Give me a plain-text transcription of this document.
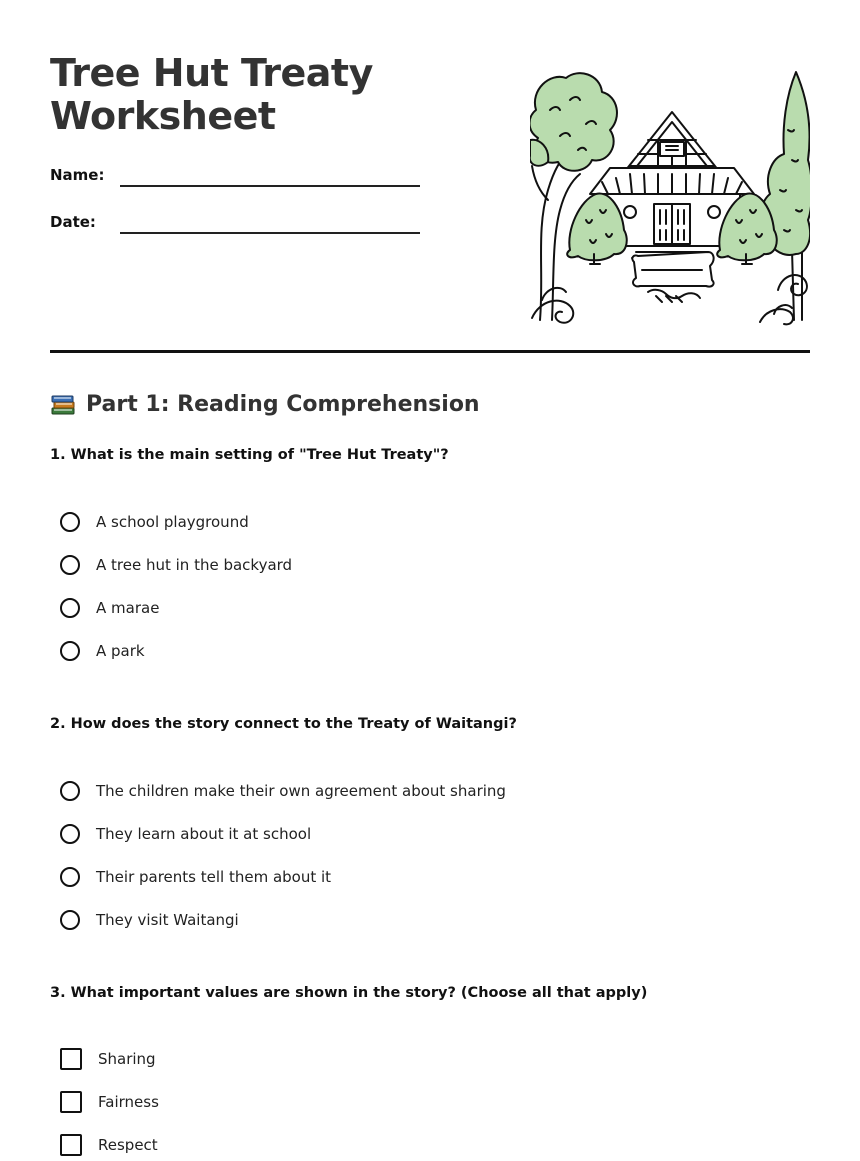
Tree Hut Treaty
Worksheet
Name:
Date:
Part 1: Reading Comprehension
1. What is the main setting of "Tree Hut Treaty"?
A school playground
A tree hut in the backyard
A marae
A park
2. How does the story connect to the Treaty of Waitangi?
The children make their own agreement about sharing
They learn about it at school
Their parents tell them about it
They visit Waitangi
3. What important values are shown in the story? (Choose all that apply)
Sharing
Fairness
Respect
